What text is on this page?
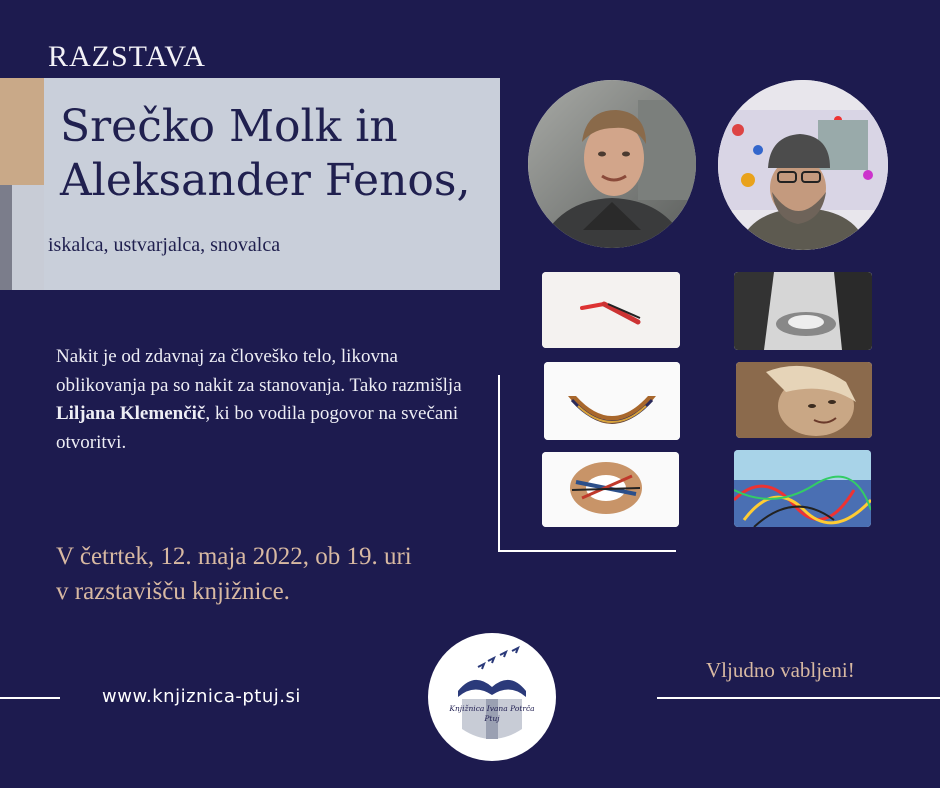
RAZSTAVA
Srečko Molk in
Aleksander Fenos,
iskalca, ustvarjalca, snovalca
Nakit je od zdavnaj za človeško telo, likovna oblikovanja pa so nakit za stanovanja. Tako razmišlja Liljana Klemenčič, ki bo vodila pogovor na svečani otvoritvi.
V četrtek, 12. maja 2022, ob 19. uri
v razstavišču knjižnice.
www.knjiznica-ptuj.si
Knjižnica Ivana Potrča
Ptuj
Vljudno vabljeni!
